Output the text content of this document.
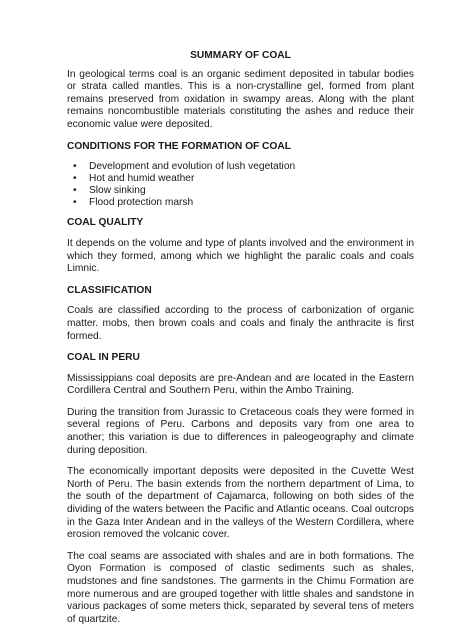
SUMMARY OF COAL

In geological terms coal is an organic sediment deposited in tabular bodies or strata called mantles. This is a non-crystalline gel, formed from plant remains preserved from oxidation in swampy areas. Along with the plant remains noncombustible materials constituting the ashes and reduce their economic value were deposited.

CONDITIONS FOR THE FORMATION OF COAL
• Development and evolution of lush vegetation
• Hot and humid weather
• Slow sinking
• Flood protection marsh
COAL QUALITY

It depends on the volume and type of plants involved and the environment in which they formed, among which we highlight the paralic coals and coals Limnic.

CLASSIFICATION

Coals are classified according to the process of carbonization of organic matter. mobs, then brown coals and coals and finaly the anthracite is first formed.

COAL IN PERU

Mississippians coal deposits are pre-Andean and are located in the Eastern Cordillera Central and Southern Peru, within the Ambo Training.

During the transition from Jurassic to Cretaceous coals they were formed in several regions of Peru. Carbons and deposits vary from one area to another; this variation is due to differences in paleogeography and climate during deposition.

The economically important deposits were deposited in the Cuvette West North of Peru. The basin extends from the northern department of Lima, to the south of the department of Cajamarca, following on both sides of the dividing of the waters between the Pacific and Atlantic oceans. Coal outcrops in the Gaza Inter Andean and in the valleys of the Western Cordillera, where erosion removed the volcanic cover.

The coal seams are associated with shales and are in both formations. The Oyon Formation is composed of clastic sediments such as shales, mudstones and fine sandstones. The garments in the Chimu Formation are more numerous and are grouped together with little shales and sandstone in various packages of some meters thick, separated by several tens of meters of quartzite.
